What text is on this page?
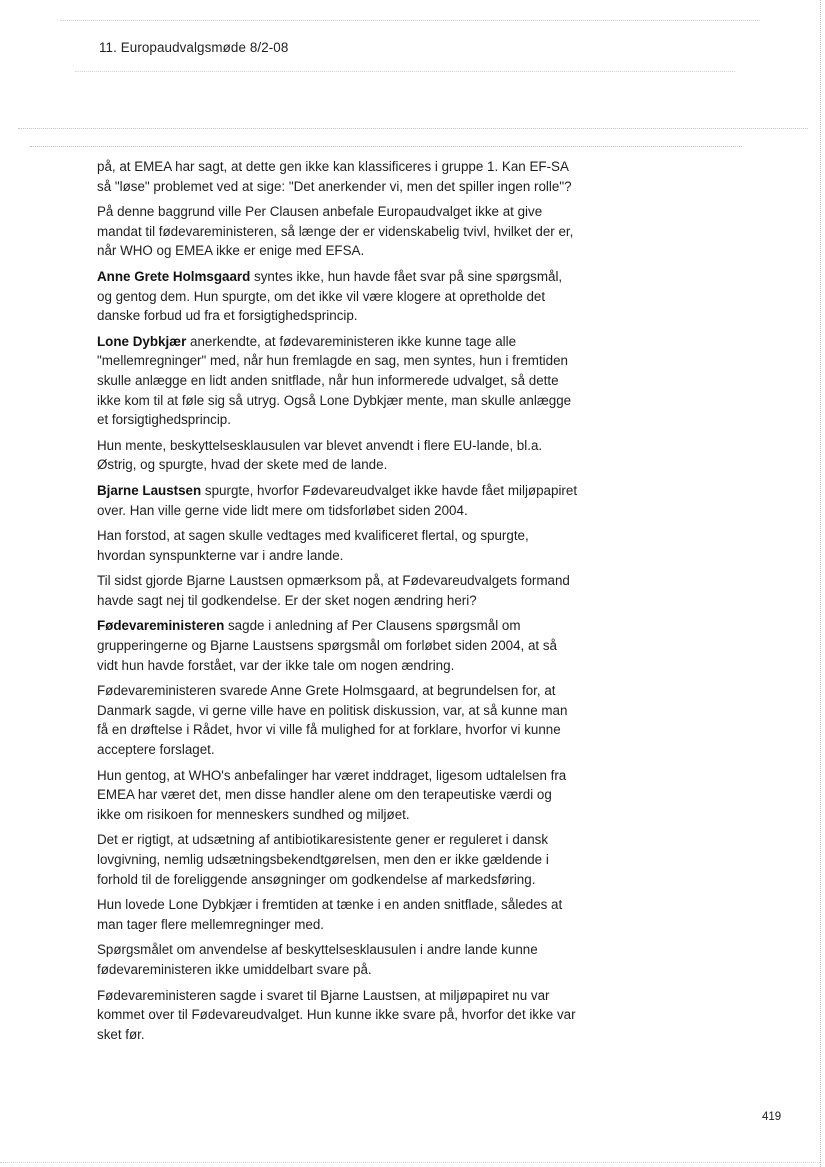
11. Europaudvalgsmøde 8/2-08

på, at EMEA har sagt, at dette gen ikke kan klassificeres i gruppe 1. Kan EF-SA så "løse" problemet ved at sige: "Det anerkender vi, men det spiller ingen rolle"?

På denne baggrund ville Per Clausen anbefale Europaudvalget ikke at give mandat til fødevareministeren, så længe der er videnskabelig tvivl, hvilket der er, når WHO og EMEA ikke er enige med EFSA.

Anne Grete Holmsgaard syntes ikke, hun havde fået svar på sine spørgsmål, og gentog dem. Hun spurgte, om det ikke vil være klogere at opretholde det danske forbud ud fra et forsigtighedsprincip.

Lone Dybkjær anerkendte, at fødevareministeren ikke kunne tage alle "mellemregninger" med, når hun fremlagde en sag, men syntes, hun i fremtiden skulle anlægge en lidt anden snitflade, når hun informerede udvalget, så dette ikke kom til at føle sig så utryg. Også Lone Dybkjær mente, man skulle anlægge et forsigtighedsprincip.

Hun mente, beskyttelsesklausulen var blevet anvendt i flere EU-lande, bl.a. Østrig, og spurgte, hvad der skete med de lande.

Bjarne Laustsen spurgte, hvorfor Fødevareudvalget ikke havde fået miljøpapiret over. Han ville gerne vide lidt mere om tidsforløbet siden 2004.

Han forstod, at sagen skulle vedtages med kvalificeret flertal, og spurgte, hvordan synspunkterne var i andre lande.

Til sidst gjorde Bjarne Laustsen opmærksom på, at Fødevareudvalgets formand havde sagt nej til godkendelse. Er der sket nogen ændring heri?

Fødevareministeren sagde i anledning af Per Clausens spørgsmål om grupperingerne og Bjarne Laustsens spørgsmål om forløbet siden 2004, at så vidt hun havde forstået, var der ikke tale om nogen ændring.

Fødevareministeren svarede Anne Grete Holmsgaard, at begrundelsen for, at Danmark sagde, vi gerne ville have en politisk diskussion, var, at så kunne man få en drøftelse i Rådet, hvor vi ville få mulighed for at forklare, hvorfor vi kunne acceptere forslaget.

Hun gentog, at WHO's anbefalinger har været inddraget, ligesom udtalelsen fra EMEA har været det, men disse handler alene om den terapeutiske værdi og ikke om risikoen for menneskers sundhed og miljøet.

Det er rigtigt, at udsætning af antibiotikaresistente gener er reguleret i dansk lovgivning, nemlig udsætningsbekendtgørelsen, men den er ikke gældende i forhold til de foreliggende ansøgninger om godkendelse af markedsføring.

Hun lovede Lone Dybkjær i fremtiden at tænke i en anden snitflade, således at man tager flere mellemregninger med.

Spørgsmålet om anvendelse af beskyttelsesklausulen i andre lande kunne fødevareministeren ikke umiddelbart svare på.

Fødevareministeren sagde i svaret til Bjarne Laustsen, at miljøpapiret nu var kommet over til Fødevareudvalget. Hun kunne ikke svare på, hvorfor det ikke var sket før.

419
